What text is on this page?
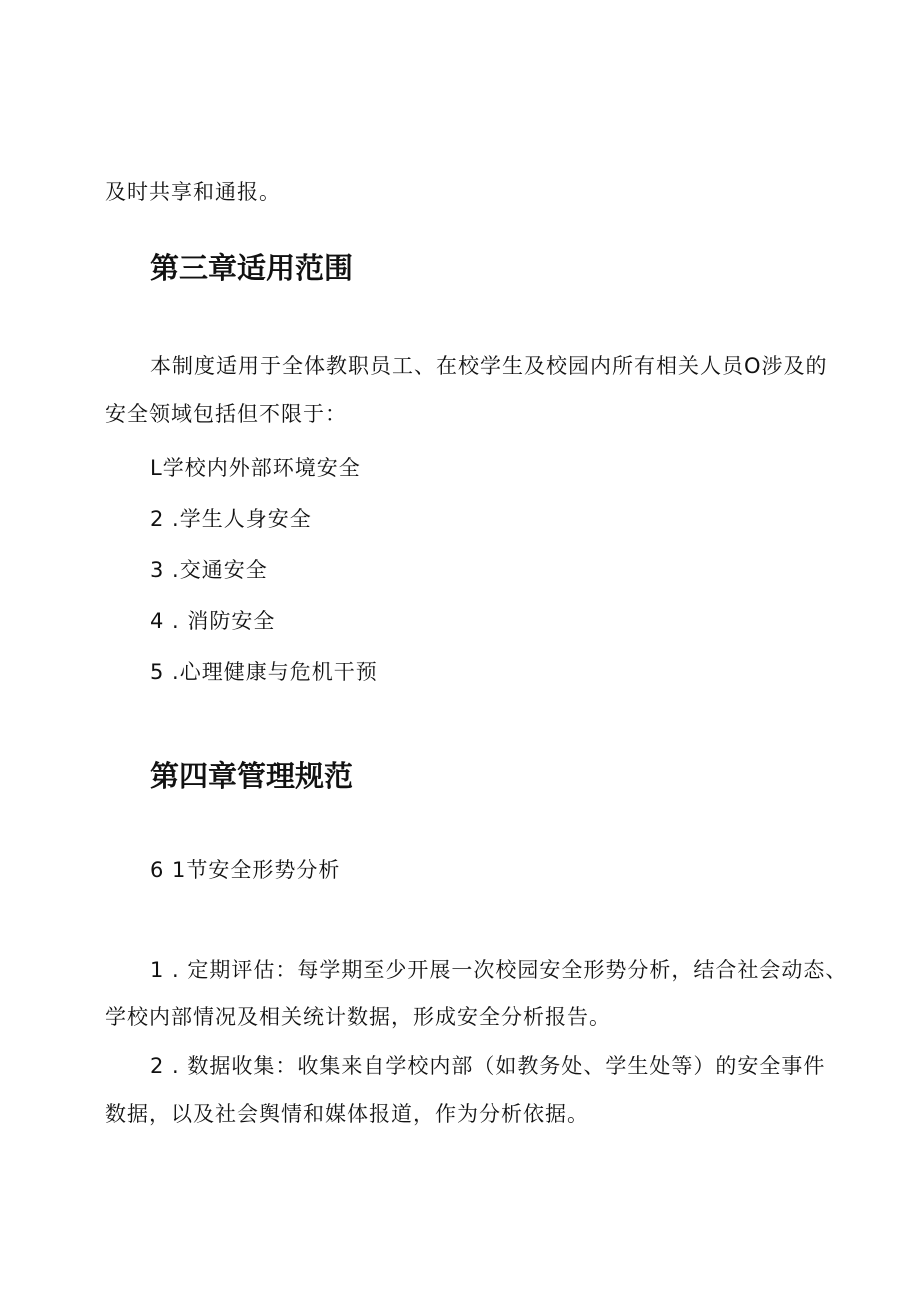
及时共享和通报。
第三章适用范围
本制度适用于全体教职员工、在校学生及校园内所有相关人员O涉及的
安全领域包括但不限于：
L学校内外部环境安全
2 .学生人身安全
3 .交通安全
4 . 消防安全
5 .心理健康与危机干预
第四章管理规范
6 1节安全形势分析
1 . 定期评估：每学期至少开展一次校园安全形势分析，结合社会动态、
学校内部情况及相关统计数据，形成安全分析报告。
2 . 数据收集：收集来自学校内部（如教务处、学生处等）的安全事件
数据，以及社会舆情和媒体报道，作为分析依据。
